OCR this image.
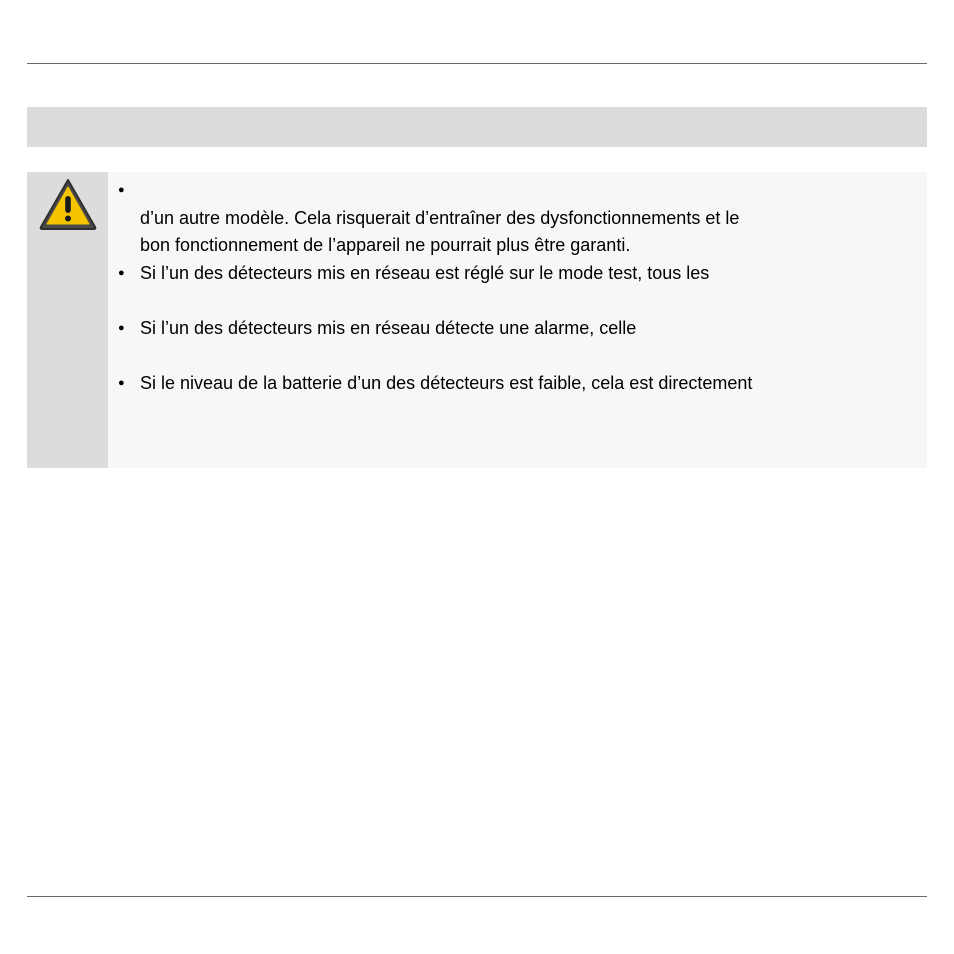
●
d’un autre modèle. Cela risquerait d’entraîner des dysfonctionnements et le
bon fonctionnement de l’appareil ne pourrait plus être garanti.
● Si l’un des détecteurs mis en réseau est réglé sur le mode test, tous les
● Si l’un des détecteurs mis en réseau détecte une alarme, celle
● Si le niveau de la batterie d’un des détecteurs est faible, cela est directement
